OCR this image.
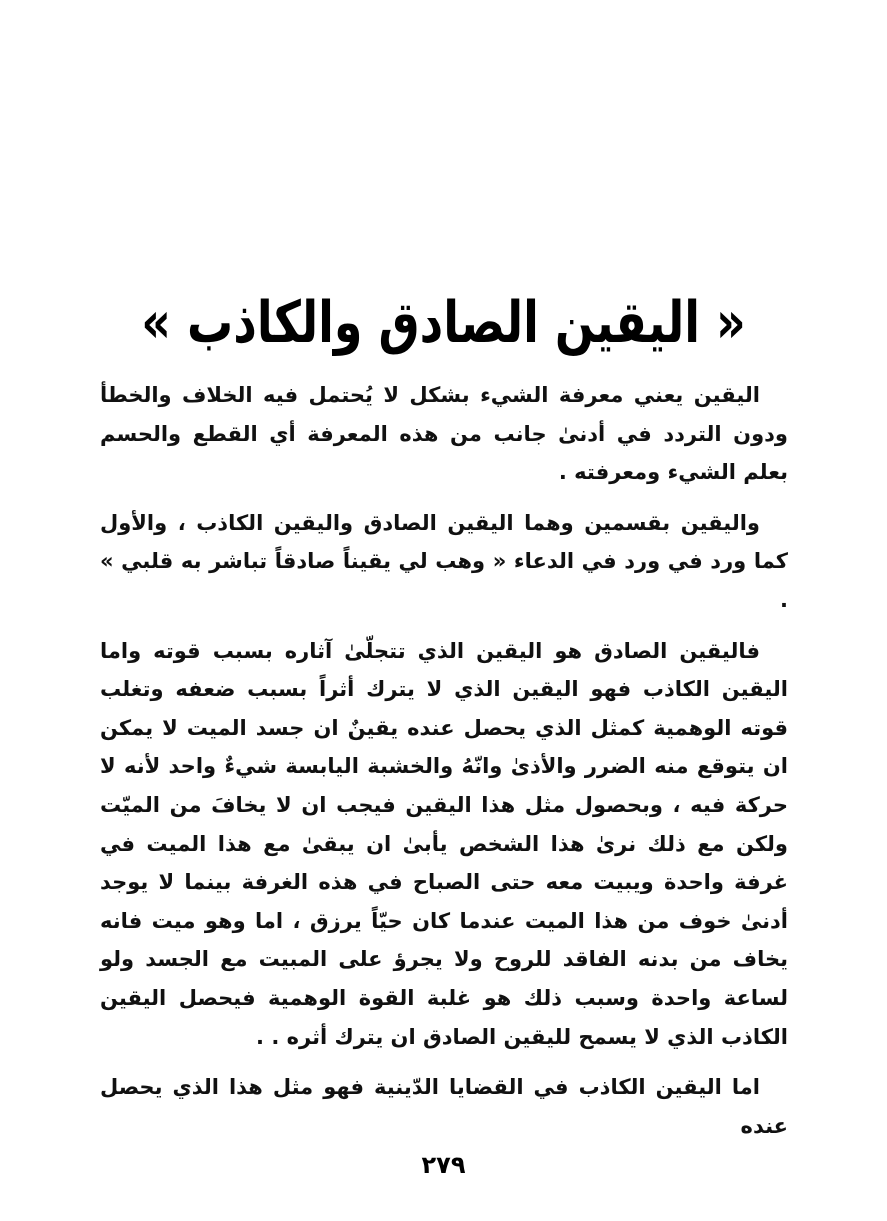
« اليقين الصادق والكاذب »

اليقين يعني معرفة الشيء بشكل لا يُحتمل فيه الخلاف والخطأ ودون التردد في أدنىٰ جانب من هذه المعرفة أي القطع والحسم بعلم الشيء ومعرفته .

واليقين بقسمين وهما اليقين الصادق واليقين الكاذب ، والأول كما ورد في ورد في الدعاء « وهب لي يقيناً صادقاً تباشر به قلبي » .

فاليقين الصادق هو اليقين الذي تتجلّىٰ آثاره بسبب قوته واما اليقين الكاذب فهو اليقين الذي لا يترك أثراً بسبب ضعفه وتغلب قوته الوهمية كمثل الذي يحصل عنده يقينٌ ان جسد الميت لا يمكن ان يتوقع منه الضرر والأذىٰ وانّهُ والخشبة اليابسة شيءٌ واحد لأنه لا حركة فيه ، وبحصول مثل هذا اليقين فيجب ان لا يخافَ من الميّت ولكن مع ذلك نرىٰ هذا الشخص يأبىٰ ان يبقىٰ مع هذا الميت في غرفة واحدة ويبيت معه حتى الصباح في هذه الغرفة بينما لا يوجد أدنىٰ خوف من هذا الميت عندما كان حيّاً يرزق ، اما وهو ميت فانه يخاف من بدنه الفاقد للروح ولا يجرؤ على المبيت مع الجسد ولو لساعة واحدة وسبب ذلك هو غلبة القوة الوهمية فيحصل اليقين الكاذب الذي لا يسمح لليقين الصادق ان يترك أثره . .

اما اليقين الكاذب في القضايا الدّينية فهو مثل هذا الذي يحصل عنده

٢٧٩
